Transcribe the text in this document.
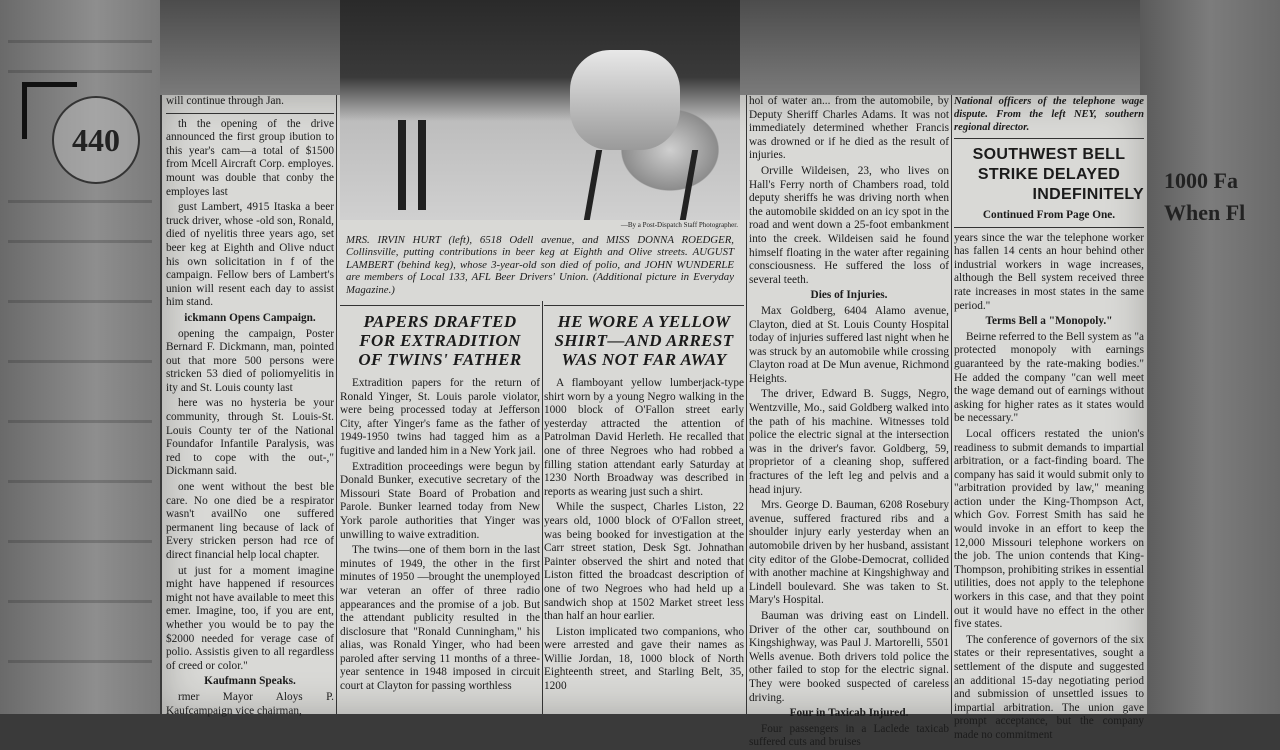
1000 Fa
When Fl
440

will continue through Jan.

th the opening of the drive announced the first group ibution to this year's cam—a total of $1500 from Mcell Aircraft Corp. employes. mount was double that conby the employes last

gust Lambert, 4915 Itaska a beer truck driver, whose -old son, Ronald, died of nyelitis three years ago, set beer keg at Eighth and Olive nduct his own solicitation in f of the campaign. Fellow bers of Lambert's union will resent each day to assist him stand.

ickmann Opens Campaign.

opening the campaign, Poster Bernard F. Dickmann, man, pointed out that more 500 persons were stricken 53 died of poliomyelitis in ity and St. Louis county last

here was no hysteria be your community, through St. Louis-St. Louis County ter of the National Foundafor Infantile Paralysis, was red to cope with the out-," Dickmann said.

one went without the best ble care. No one died be a respirator wasn't availNo one suffered permanent ling because of lack of Every stricken person had rce of direct financial help local chapter.

ut just for a moment imagine might have happened if resources might not have available to meet this emer. Imagine, too, if you are ent, whether you would be to pay the $2000 needed for verage case of polio. Assistis given to all regardless of creed or color."

Kaufmann Speaks.

rmer Mayor Aloys P. Kaufcampaign vice chairman,

—By a Post-Dispatch Staff Photographer.
MRS. IRVIN HURT (left), 6518 Odell avenue, and MISS DONNA ROEDGER, Collinsville, putting contributions in beer keg at Eighth and Olive streets. AUGUST LAMBERT (behind keg), whose 3-year-old son died of polio, and JOHN WUNDERLE are members of Local 133, AFL Beer Drivers' Union. (Additional picture in Everyday Magazine.)
PAPERS DRAFTED
FOR EXTRADITION
OF TWINS' FATHER

Extradition papers for the return of Ronald Yinger, St. Louis parole violator, were being processed today at Jefferson City, after Yinger's fame as the father of 1949-1950 twins had tagged him as a fugitive and landed him in a New York jail.

Extradition proceedings were begun by Donald Bunker, executive secretary of the Missouri State Board of Probation and Parole. Bunker learned today from New York parole authorities that Yinger was unwilling to waive extradition.

The twins—one of them born in the last minutes of 1949, the other in the first minutes of 1950 —brought the unemployed war veteran an offer of three radio appearances and the promise of a job. But the attendant publicity resulted in the disclosure that "Ronald Cunningham," his alias, was Ronald Yinger, who had been paroled after serving 11 months of a three-year sentence in 1948 imposed in circuit court at Clayton for passing worthless

HE WORE A YELLOW
SHIRT—AND ARREST
WAS NOT FAR AWAY

A flamboyant yellow lumberjack-type shirt worn by a young Negro walking in the 1000 block of O'Fallon street early yesterday attracted the attention of Patrolman David Herleth. He recalled that one of three Negroes who had robbed a filling station attendant early Saturday at 1230 North Broadway was described in reports as wearing just such a shirt.

While the suspect, Charles Liston, 22 years old, 1000 block of O'Fallon street, was being booked for investigation at the Carr street station, Desk Sgt. Johnathan Painter observed the shirt and noted that Liston fitted the broadcast description of one of two Negroes who had held up a sandwich shop at 1502 Market street less than half an hour earlier.

Liston implicated two companions, who were arrested and gave their names as Willie Jordan, 18, 1000 block of North Eighteenth street, and Starling Belt, 35, 1200

hol of water an... from the automobile, by Deputy Sheriff Charles Adams. It was not immediately determined whether Francis was drowned or if he died as the result of injuries.

Orville Wildeisen, 23, who lives on Hall's Ferry north of Chambers road, told deputy sheriffs he was driving north when the automobile skidded on an icy spot in the road and went down a 25-foot embankment into the creek. Wildeisen said he found himself floating in the water after regaining consciousness. He suffered the loss of several teeth.

Dies of Injuries.

Max Goldberg, 6404 Alamo avenue, Clayton, died at St. Louis County Hospital today of injuries suffered last night when he was struck by an automobile while crossing Clayton road at De Mun avenue, Richmond Heights.

The driver, Edward B. Suggs, Negro, Wentzville, Mo., said Goldberg walked into the path of his machine. Witnesses told police the electric signal at the intersection was in the driver's favor. Goldberg, 59, proprietor of a cleaning shop, suffered fractures of the left leg and pelvis and a head injury.

Mrs. George D. Bauman, 6208 Rosebury avenue, suffered fractured ribs and a shoulder injury early yesterday when an automobile driven by her husband, assistant city editor of the Globe-Democrat, collided with another machine at Kingshighway and Lindell boulevard. She was taken to St. Mary's Hospital.

Bauman was driving east on Lindell. Driver of the other car, southbound on Kingshighway, was Paul J. Martorelli, 5501 Wells avenue. Both drivers told police the other failed to stop for the electric signal. They were booked suspected of careless driving.

Four in Taxicab Injured.

Four passengers in a Laclede taxicab suffered cuts and bruises

National officers of the telephone wage dispute. From the left NEY, southern regional director.

SOUTHWEST BELL
STRIKE DELAYED
INDEFINITELY

Continued From Page One.

years since the war the telephone worker has fallen 14 cents an hour behind other industrial workers in wage increases, although the Bell system received three rate increases in most states in the same period."

Terms Bell a "Monopoly."

Beirne referred to the Bell system as "a protected monopoly with earnings guaranteed by the rate-making bodies." He added the company "can well meet the wage demand out of earnings without asking for higher rates as it states would be necessary."

Local officers restated the union's readiness to submit demands to impartial arbitration, or a fact-finding board. The company has said it would submit only to "arbitration provided by law," meaning action under the King-Thompson Act, which Gov. Forrest Smith has said he would invoke in an effort to keep the 12,000 Missouri telephone workers on the job. The union contends that King-Thompson, prohibiting strikes in essential utilities, does not apply to the telephone workers in this case, and that they point out it would have no effect in the other five states.

The conference of governors of the six states or their representatives, sought a settlement of the dispute and suggested an additional 15-day negotiating period and submission of unsettled issues to impartial arbitration. The union gave prompt acceptance, but the company made no commitment
